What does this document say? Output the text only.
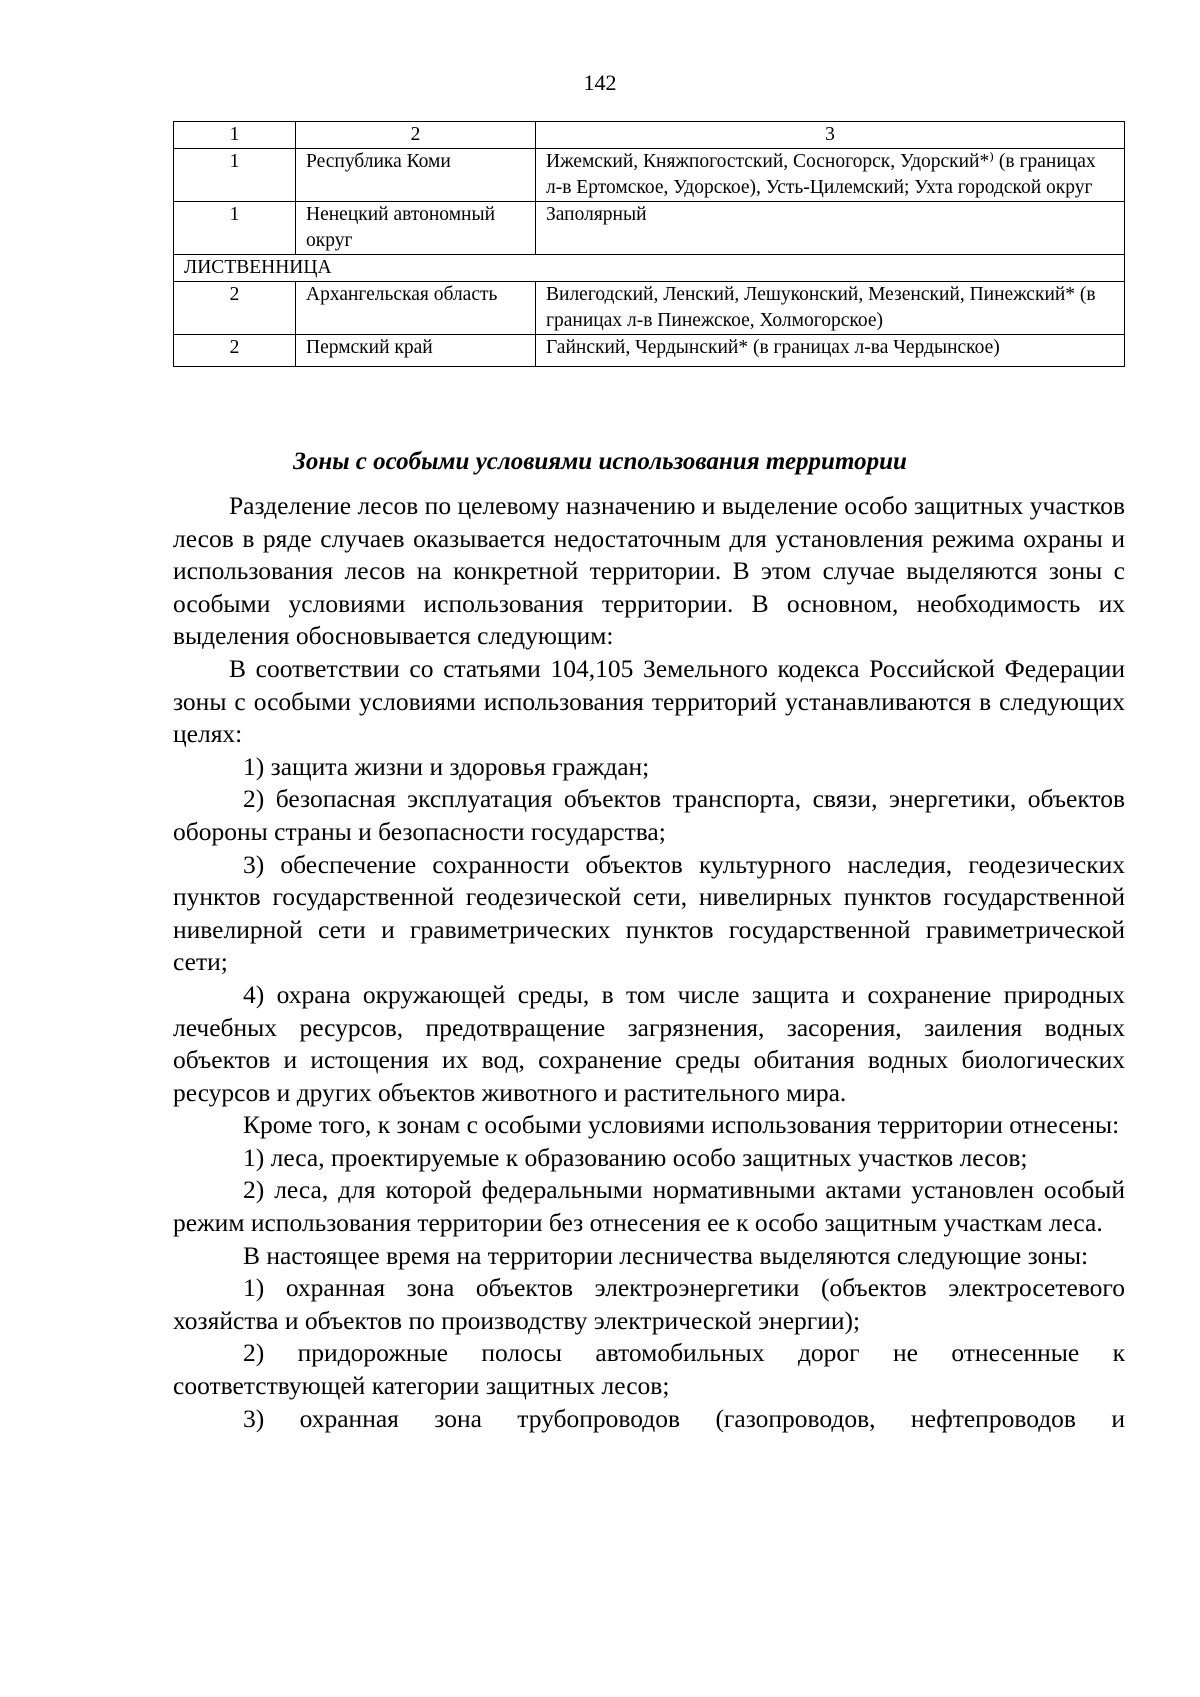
142
1	2	3
1	Республика Коми	Ижемский, Княжпогостский, Сосногорск, Удорский*⁾ (в границах л-в Ертомское, Удорское), Усть-Цилемский; Ухта городской округ
1	Ненецкий автономный округ	Заполярный
ЛИСТВЕННИЦА		
2	Архангельская область	Вилегодский, Ленский, Лешуконский, Мезенский, Пинежский* (в границах л-в Пинежское, Холмогорское)
2	Пермский край	Гайнский, Чердынский* (в границах л-ва Чердынское)
Зоны с особыми условиями использования территории

Разделение лесов по целевому назначению и выделение особо защитных участков лесов в ряде случаев оказывается недостаточным для установления режима охраны и использования лесов на конкретной территории. В этом случае выделяются зоны с особыми условиями использования территории. В основном, необходимость их выделения обосновывается следующим:

В соответствии со статьями 104,105 Земельного кодекса Российской Федерации зоны с особыми условиями использования территорий устанавливаются в следующих целях:

1) защита жизни и здоровья граждан;

2) безопасная эксплуатация объектов транспорта, связи, энергетики, объектов обороны страны и безопасности государства;

3) обеспечение сохранности объектов культурного наследия, геодезических пунктов государственной геодезической сети, нивелирных пунктов государственной нивелирной сети и гравиметрических пунктов государственной гравиметрической сети;

4) охрана окружающей среды, в том числе защита и сохранение природных лечебных ресурсов, предотвращение загрязнения, засорения, заиления водных объектов и истощения их вод, сохранение среды обитания водных биологических ресурсов и других объектов животного и растительного мира.

Кроме того, к зонам с особыми условиями использования территории отнесены:

1) леса, проектируемые к образованию особо защитных участков лесов;

2) леса, для которой федеральными нормативными актами установлен особый режим использования территории без отнесения ее к особо защитным участкам леса.

В настоящее время на территории лесничества выделяются следующие зоны:

1) охранная зона объектов электроэнергетики (объектов электросетевого хозяйства и объектов по производству электрической энергии);

2) придорожные полосы автомобильных дорог не отнесенные к соответствующей категории защитных лесов;

3) охранная зона трубопроводов (газопроводов, нефтепроводов и
